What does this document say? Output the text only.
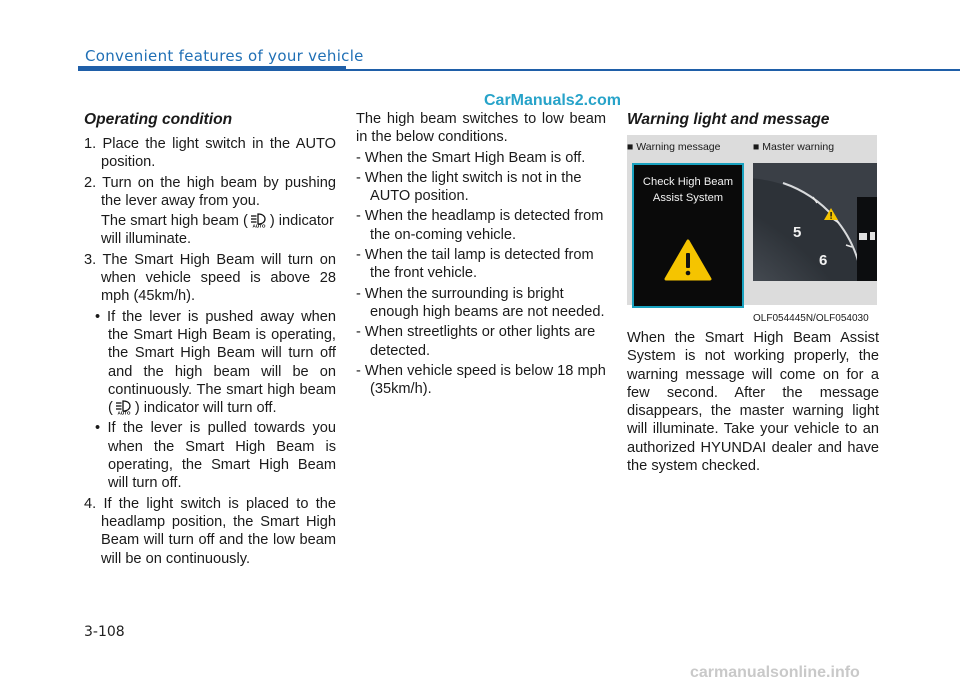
Convenient features of your vehicle
CarManuals2.com
Operating condition

1. Place the light switch in the AUTO position.

2. Turn on the high beam by pushing the lever away from you.

The smart high beam ( AUTO ) indicator will illuminate.

3. The Smart High Beam will turn on when vehicle speed is above 28 mph (45km/h).

• If the lever is pushed away when the Smart High Beam is operating, the Smart High Beam will turn off and the high beam will be on continuously. The smart high beam ( AUTO ) indicator will turn off.

• If the lever is pulled towards you when the Smart High Beam is operating, the Smart High Beam will turn off.

4. If the light switch is placed to the headlamp position, the Smart High Beam will turn off and the low beam will be on continuously.

The high beam switches to low beam in the below conditions.

- When the Smart High Beam is off.

- When the light switch is not in the AUTO position.

- When the headlamp is detected from the on-coming vehicle.

- When the tail lamp is detected from the front vehicle.

- When the surrounding is bright enough high beams are not needed.

- When streetlights or other lights are detected.

- When vehicle speed is below 18 mph (35km/h).

Warning light and message
■ Warning message	■ Master warning
Check High Beam
Assist System
5
6
OLF054445N/OLF054030

When the Smart High Beam Assist System is not working properly, the warning message will come on for a few second. After the message disappears, the master warning light will illuminate. Take your vehicle to an authorized HYUNDAI dealer and have the system checked.

3-108
carmanualsonline.info
